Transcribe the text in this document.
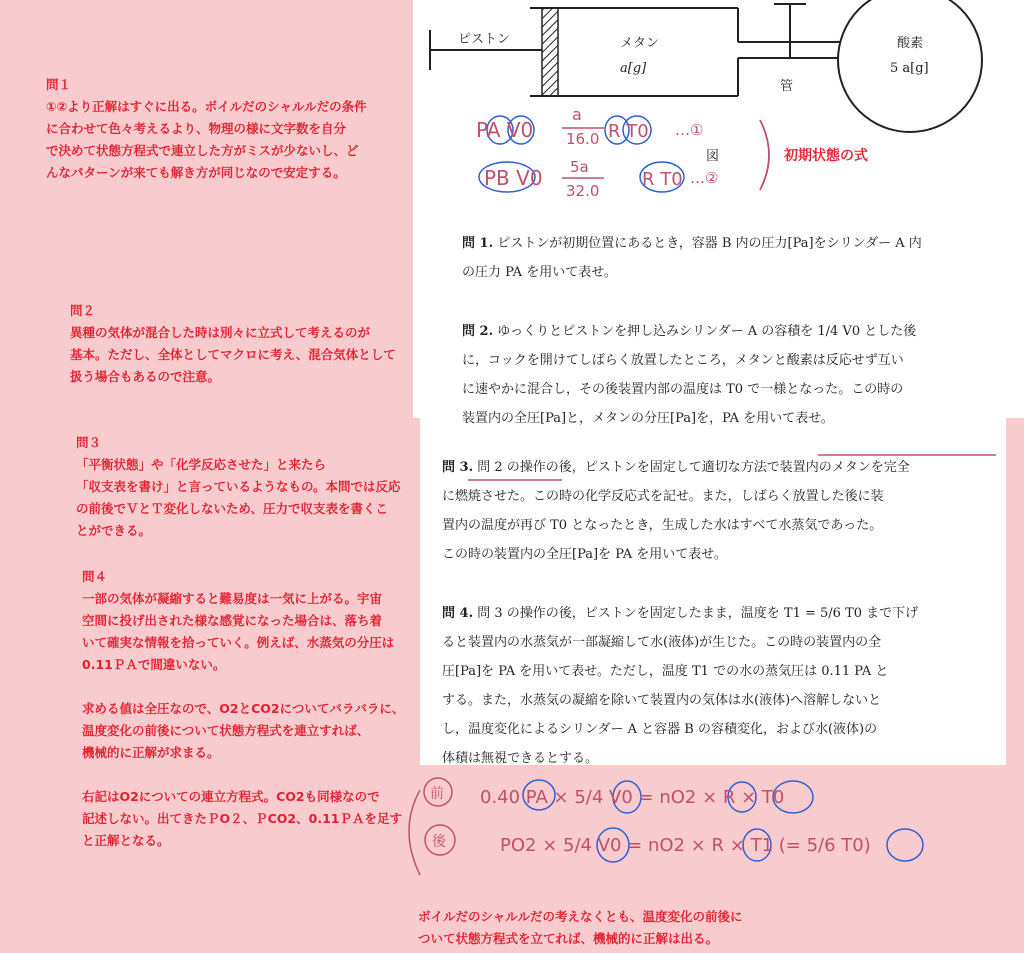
ピストン	メタン
a[g]
管
酸素
5 a[g]
図
PA V0
a
16.0 R T0 …①
PB V0 5a
32.0
R T0 …②
初期状態の式
前 0.40 PA × 5/4 V0 = nO2 × R × T0
後	PO2 × 5/4 V0 = nO2 × R × T1 (= 5/6 T0)

問 1. ピストンが初期位置にあるとき，容器 B 内の圧力[Pa]をシリンダー A 内
の圧力 PA を用いて表せ。

問 2. ゆっくりとピストンを押し込みシリンダー A の容積を 1/4 V0 とした後
に，コックを開けてしばらく放置したところ，メタンと酸素は反応せず互い
に速やかに混合し，その後装置内部の温度は T0 で一様となった。この時の
装置内の全圧[Pa]と，メタンの分圧[Pa]を，PA を用いて表せ。

問 3. 問 2 の操作の後，ピストンを固定して適切な方法で装置内のメタンを完全
に燃焼させた。この時の化学反応式を記せ。また，しばらく放置した後に装
置内の温度が再び T0 となったとき，生成した水はすべて水蒸気であった。
この時の装置内の全圧[Pa]を PA を用いて表せ。

問 4. 問 3 の操作の後，ピストンを固定したまま，温度を T1 = 5/6 T0 まで下げ
ると装置内の水蒸気が一部凝縮して水(液体)が生じた。この時の装置内の全
圧[Pa]を PA を用いて表せ。ただし，温度 T1 での水の蒸気圧は 0.11 PA と
する。また，水蒸気の凝縮を除いて装置内の気体は水(液体)へ溶解しないと
し，温度変化によるシリンダー A と容器 B の容積変化，および水(液体)の
体積は無視できるとする。

問１
①②より正解はすぐに出る。ボイルだのシャルルだの条件
に合わせて色々考えるより、物理の様に文字数を自分
で決めて状態方程式で連立した方がミスが少ないし、ど
んなパターンが来ても解き方が同じなので安定する。
問２
異種の気体が混合した時は別々に立式して考えるのが
基本。ただし、全体としてマクロに考え、混合気体として
扱う場合もあるので注意。
問３
「平衡状態」や「化学反応させた」と来たら
「収支表を書け」と言っているようなもの。本問では反応
の前後でＶとＴ変化しないため、圧力で収支表を書くこ
とができる。
問４
一部の気体が凝縮すると難易度は一気に上がる。宇宙
空間に投げ出された様な感覚になった場合は、落ち着
いて確実な情報を拾っていく。例えば、水蒸気の分圧は
0.11ＰＡで間違いない。
求める値は全圧なので、O2とCO2についてバラバラに、
温度変化の前後について状態方程式を連立すれば、
機械的に正解が求まる。
右記はO2についての連立方程式。CO2も同様なので
記述しない。出てきたＰO２、ＰCO2、0.11ＰＡを足す
と正解となる。
ボイルだのシャルルだの考えなくとも、温度変化の前後に
ついて状態方程式を立てれば、機械的に正解は出る。
